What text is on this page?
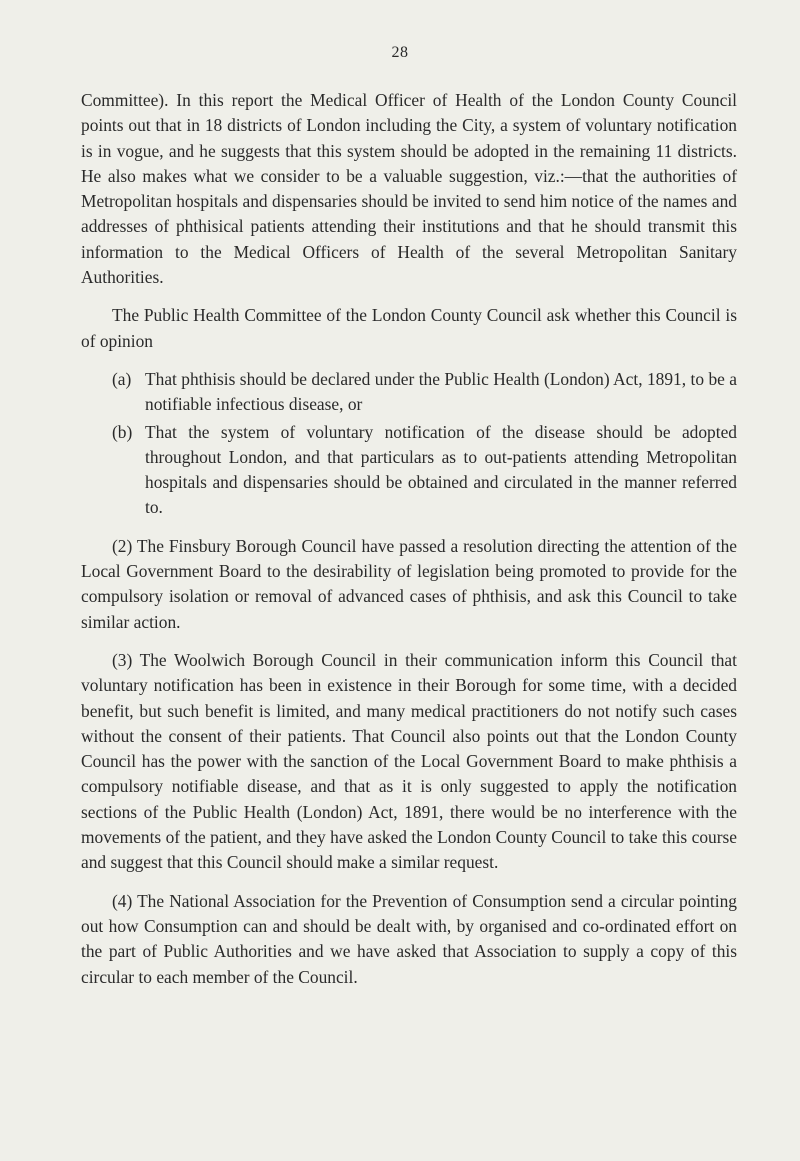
28

Committee). In this report the Medical Officer of Health of the London County Council points out that in 18 districts of London including the City, a system of voluntary notification is in vogue, and he suggests that this system should be adopted in the remaining 11 districts. He also makes what we consider to be a valuable suggestion, viz.:—that the authorities of Metropolitan hospitals and dispensaries should be invited to send him notice of the names and addresses of phthisical patients attending their institutions and that he should transmit this information to the Medical Officers of Health of the several Metropolitan Sanitary Authorities.

The Public Health Committee of the London County Council ask whether this Council is of opinion

(a) That phthisis should be declared under the Public Health (London) Act, 1891, to be a notifiable infectious disease, or

(b) That the system of voluntary notification of the disease should be adopted throughout London, and that particulars as to out-patients attending Metropolitan hospitals and dispensaries should be obtained and circulated in the manner referred to.

(2) The Finsbury Borough Council have passed a resolution directing the attention of the Local Government Board to the desirability of legislation being promoted to provide for the compulsory isolation or removal of advanced cases of phthisis, and ask this Council to take similar action.

(3) The Woolwich Borough Council in their communication inform this Council that voluntary notification has been in existence in their Borough for some time, with a decided benefit, but such benefit is limited, and many medical practitioners do not notify such cases without the consent of their patients. That Council also points out that the London County Council has the power with the sanction of the Local Government Board to make phthisis a compulsory notifiable disease, and that as it is only suggested to apply the notification sections of the Public Health (London) Act, 1891, there would be no interference with the movements of the patient, and they have asked the London County Council to take this course and suggest that this Council should make a similar request.

(4) The National Association for the Prevention of Consumption send a circular pointing out how Consumption can and should be dealt with, by organised and co-ordinated effort on the part of Public Authorities and we have asked that Association to supply a copy of this circular to each member of the Council.
